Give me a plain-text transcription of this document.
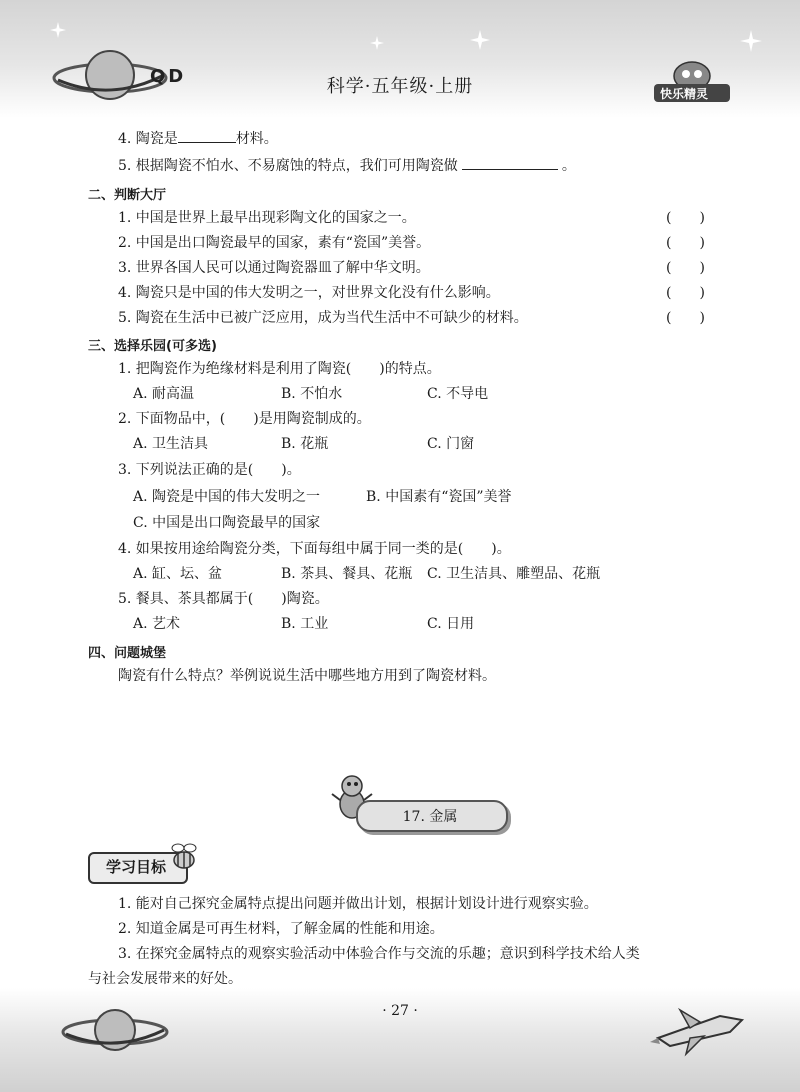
QD	科学·五年级·上册	快乐精灵
4. 陶瓷是	材料。
5. 根据陶瓷不怕水、不易腐蚀的特点，我们可用陶瓷做	。
二、判断大厅
1. 中国是世界上最早出现彩陶文化的国家之一。	(　　)
2. 中国是出口陶瓷最早的国家，素有“瓷国”美誉。	(　　)
3. 世界各国人民可以通过陶瓷器皿了解中华文明。	(　　)
4. 陶瓷只是中国的伟大发明之一，对世界文化没有什么影响。	(　　)
5. 陶瓷在生活中已被广泛应用，成为当代生活中不可缺少的材料。	(　　)
三、选择乐园(可多选)
1. 把陶瓷作为绝缘材料是利用了陶瓷(　　)的特点。
A. 耐高温	B. 不怕水	C. 不导电
2. 下面物品中，(　　)是用陶瓷制成的。
A. 卫生洁具	B. 花瓶	C. 门窗
3. 下列说法正确的是(　　)。
A. 陶瓷是中国的伟大发明之一	B. 中国素有“瓷国”美誉
C. 中国是出口陶瓷最早的国家
4. 如果按用途给陶瓷分类，下面每组中属于同一类的是(　　)。
A. 缸、坛、盆	B. 茶具、餐具、花瓶 C. 卫生洁具、雕塑品、花瓶
5. 餐具、茶具都属于(　　)陶瓷。
A. 艺术	B. 工业	C. 日用
四、问题城堡
陶瓷有什么特点？举例说说生活中哪些地方用到了陶瓷材料。
17. 金属
学习目标
1. 能对自己探究金属特点提出问题并做出计划，根据计划设计进行观察实验。
2. 知道金属是可再生材料，了解金属的性能和用途。
3. 在探究金属特点的观察实验活动中体验合作与交流的乐趣；意识到科学技术给人类
与社会发展带来的好处。
· 27 ·
